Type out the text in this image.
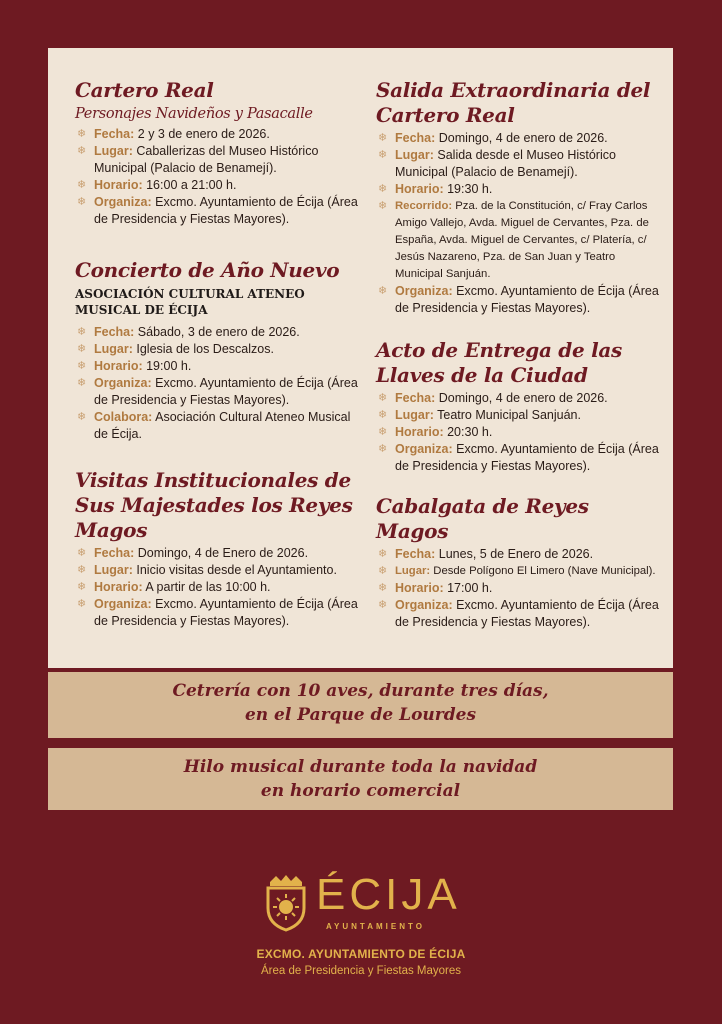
Cartero Real
Personajes Navideños y Pasacalle
❄ Fecha: 2 y 3 de enero de 2026.
❄ Lugar: Caballerizas del Museo Histórico Municipal (Palacio de Benamejí).
❄ Horario: 16:00 a 21:00 h.
❄ Organiza: Excmo. Ayuntamiento de Écija (Área de Presidencia y Fiestas Mayores).
Concierto de Año Nuevo
ASOCIACIÓN CULTURAL ATENEO MUSICAL DE ÉCIJA
❄ Fecha: Sábado, 3 de enero de 2026.
❄ Lugar: Iglesia de los Descalzos.
❄ Horario: 19:00 h.
❄ Organiza: Excmo. Ayuntamiento de Écija (Área de Presidencia y Fiestas Mayores).
❄ Colabora: Asociación Cultural Ateneo Musical de Écija.
Visitas Institucionales de Sus Majestades los Reyes Magos
❄ Fecha: Domingo, 4 de Enero de 2026.
❄ Lugar: Inicio visitas desde el Ayuntamiento.
❄ Horario: A partir de las 10:00 h.
❄ Organiza: Excmo. Ayuntamiento de Écija (Área de Presidencia y Fiestas Mayores).
Salida Extraordinaria del Cartero Real
❄ Fecha: Domingo, 4 de enero de 2026.
❄ Lugar: Salida desde el Museo Histórico Municipal (Palacio de Benamejí).
❄ Horario: 19:30 h.
❄ Recorrido: Pza. de la Constitución, c/ Fray Carlos Amigo Vallejo, Avda. Miguel de Cervantes, Pza. de España, Avda. Miguel de Cervantes, c/ Platería, c/ Jesús Nazareno, Pza. de San Juan y Teatro Municipal Sanjuán.
❄ Organiza: Excmo. Ayuntamiento de Écija (Área de Presidencia y Fiestas Mayores).
Acto de Entrega de las Llaves de la Ciudad
❄ Fecha: Domingo, 4 de enero de 2026.
❄ Lugar: Teatro Municipal Sanjuán.
❄ Horario: 20:30 h.
❄ Organiza: Excmo. Ayuntamiento de Écija (Área de Presidencia y Fiestas Mayores).
Cabalgata de Reyes Magos
❄ Fecha: Lunes, 5 de Enero de 2026.
❄ Lugar: Desde Polígono El Limero (Nave Municipal).
❄ Horario: 17:00 h.
❄ Organiza: Excmo. Ayuntamiento de Écija (Área de Presidencia y Fiestas Mayores).
Cetrería con 10 aves, durante tres días,
en el Parque de Lourdes
Hilo musical durante toda la navidad
en horario comercial
ÉCIJA
AYUNTAMIENTO
EXCMO. AYUNTAMIENTO DE ÉCIJA
Área de Presidencia y Fiestas Mayores
